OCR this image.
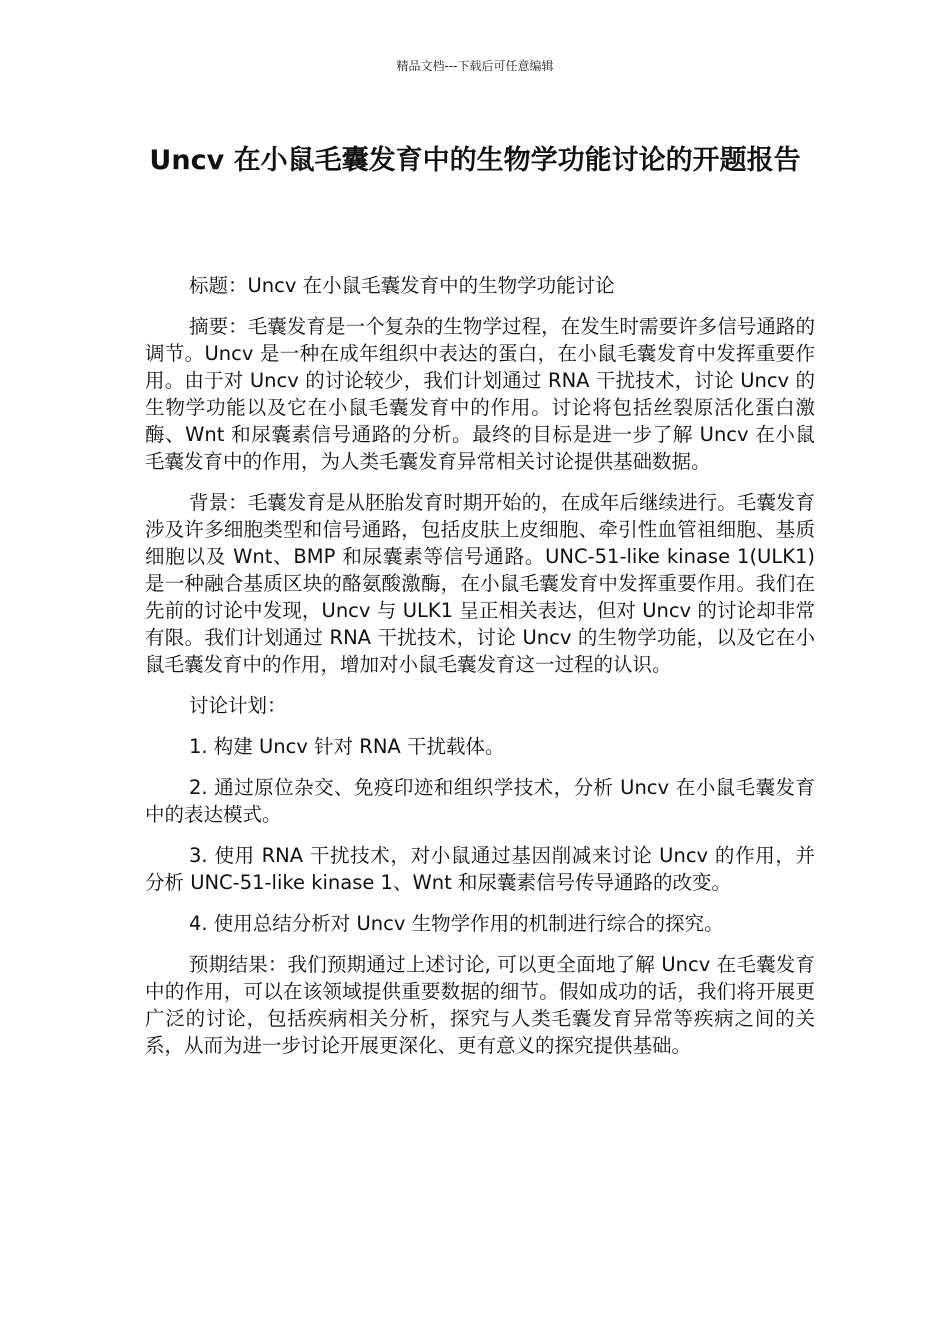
精品文档---下载后可任意编辑
Uncv 在小鼠毛囊发育中的生物学功能讨论的开题报告

标题：Uncv 在小鼠毛囊发育中的生物学功能讨论

摘要：毛囊发育是一个复杂的生物学过程，在发生时需要许多信号通路的调节。Uncv 是一种在成年组织中表达的蛋白，在小鼠毛囊发育中发挥重要作用。由于对 Uncv 的讨论较少，我们计划通过 RNA 干扰技术，讨论 Uncv 的生物学功能以及它在小鼠毛囊发育中的作用。讨论将包括丝裂原活化蛋白激酶、Wnt 和尿囊素信号通路的分析。最终的目标是进一步了解 Uncv 在小鼠毛囊发育中的作用，为人类毛囊发育异常相关讨论提供基础数据。

背景：毛囊发育是从胚胎发育时期开始的，在成年后继续进行。毛囊发育涉及许多细胞类型和信号通路，包括皮肤上皮细胞、牵引性血管祖细胞、基质细胞以及 Wnt、BMP 和尿囊素等信号通路。UNC-51-like kinase 1(ULK1)是一种融合基质区块的酪氨酸激酶，在小鼠毛囊发育中发挥重要作用。我们在先前的讨论中发现，Uncv 与 ULK1 呈正相关表达，但对 Uncv 的讨论却非常有限。我们计划通过 RNA 干扰技术，讨论 Uncv 的生物学功能，以及它在小鼠毛囊发育中的作用，增加对小鼠毛囊发育这一过程的认识。

讨论计划：

1. 构建 Uncv 针对 RNA 干扰载体。

2. 通过原位杂交、免疫印迹和组织学技术，分析 Uncv 在小鼠毛囊发育中的表达模式。

3. 使用 RNA 干扰技术，对小鼠通过基因削减来讨论 Uncv 的作用，并分析 UNC-51-like kinase 1、Wnt 和尿囊素信号传导通路的改变。

4. 使用总结分析对 Uncv 生物学作用的机制进行综合的探究。

预期结果：我们预期通过上述讨论, 可以更全面地了解 Uncv 在毛囊发育中的作用，可以在该领域提供重要数据的细节。假如成功的话，我们将开展更广泛的讨论，包括疾病相关分析，探究与人类毛囊发育异常等疾病之间的关系，从而为进一步讨论开展更深化、更有意义的探究提供基础。
